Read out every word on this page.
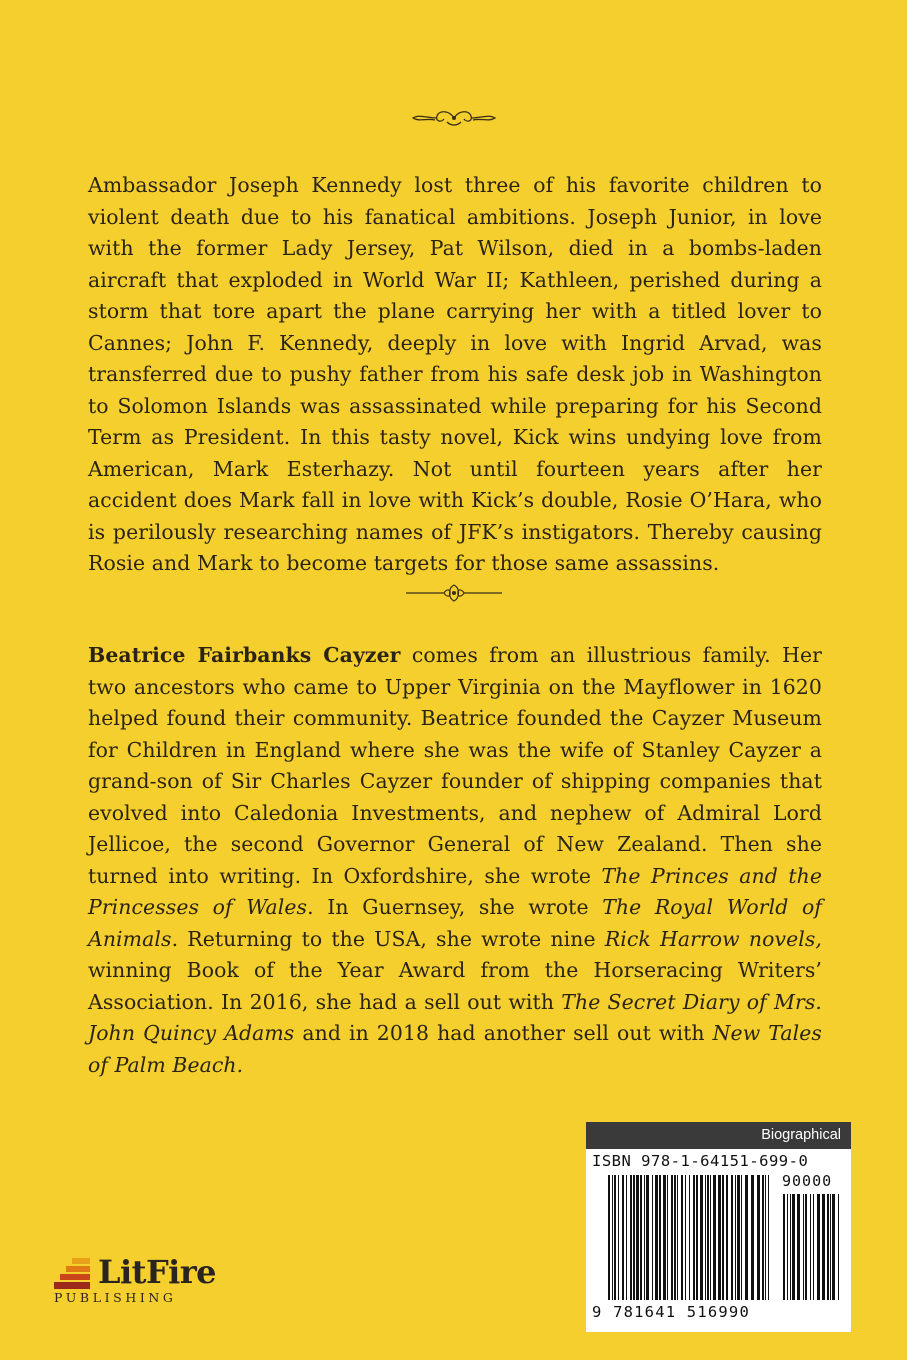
Ambassador Joseph Kennedy lost three of his favorite children to violent death due to his fanatical ambitions. Joseph Junior, in love with the former Lady Jersey, Pat Wilson, died in a bombs-laden aircraft that exploded in World War II; Kathleen, perished during a storm that tore apart the plane carrying her with a titled lover to Cannes; John F. Kennedy, deeply in love with Ingrid Arvad, was transferred due to pushy father from his safe desk job in Washington to Solomon Islands was assassinated while preparing for his Second Term as President. In this tasty novel, Kick wins undying love from American, Mark Esterhazy. Not until fourteen years after her accident does Mark fall in love with Kick’s double, Rosie O’Hara, who is perilously researching names of JFK’s instigators. Thereby causing Rosie and Mark to become targets for those same assassins.
Beatrice Fairbanks Cayzer comes from an illustrious family. Her two ancestors who came to Upper Virginia on the Mayflower in 1620 helped found their community. Beatrice founded the Cayzer Museum for Children in England where she was the wife of Stanley Cayzer a grand-son of Sir Charles Cayzer founder of shipping companies that evolved into Caledonia Investments, and nephew of Admiral Lord Jellicoe, the second Governor General of New Zealand. Then she turned into writing. In Oxfordshire, she wrote The Princes and the Princesses of Wales. In Guernsey, she wrote The Royal World of Animals. Returning to the USA, she wrote nine Rick Harrow novels, winning Book of the Year Award from the Horseracing Writers’ Association. In 2016, she had a sell out with The Secret Diary of Mrs. John Quincy Adams and in 2018 had another sell out with New Tales of Palm Beach.
Biographical
ISBN 978-1-64151-699-0
90000
9 781641 516990
LitFire
PUBLISHING
